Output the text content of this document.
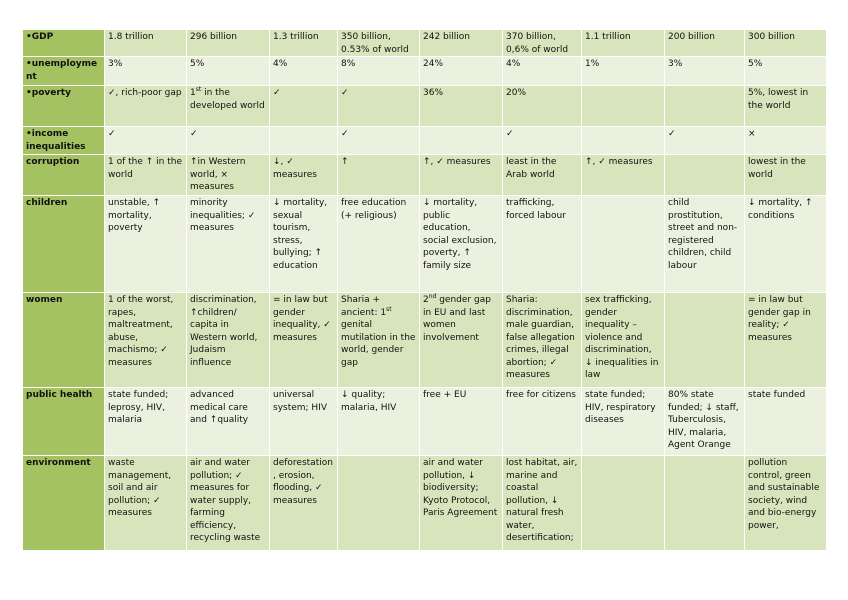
• GDP	1.8 trillion	296 billion	1.3 trillion	350 billion, 0.53% of world	242 billion	370 billion, 0,6% of world	1.1 trillion	200 billion	300 billion
• unemployment	3%	5%	4%	8%	24%	4%	1%	3%	5%
• poverty	✓, rich-poor gap	1st in the developed world	✓	✓	36%	20%			5%, lowest in the world
• income inequalities	✓	✓		✓		✓		✓	×
corruption	1 of the ↑ in the world	↑in Western world, × measures	↓, ✓ measures	↑	↑, ✓ measures	least in the Arab world	↑, ✓ measures		lowest in the world
children	unstable, ↑ mortality, poverty	minority inequalities; ✓ measures	↓ mortality, sexual tourism, stress, bullying; ↑ education	free education (+ religious)	↓ mortality, public education, social exclusion, poverty, ↑ family size	trafficking, forced labour		child prostitution, street and non-registered children, child labour	↓ mortality, ↑ conditions
women	1 of the worst, rapes, maltreatment, abuse, machismo; ✓ measures	discrimination, ↑children/ capita in Western world, Judaism influence	= in law but gender inequality, ✓ measures	Sharia + ancient: 1st genital mutilation in the world, gender gap	2nd gender gap in EU and last women involvement	Sharia: discrimination, male guardian, false allegation crimes, illegal abortion; ✓ measures	sex trafficking, gender inequality – violence and discrimination, ↓ inequalities in law		= in law but gender gap in reality; ✓ measures
public health	state funded; leprosy, HIV, malaria	advanced medical care and ↑quality	universal system; HIV	↓ quality; malaria, HIV	free + EU	free for citizens	state funded; HIV, respiratory diseases	80% state funded; ↓ staff, Tuberculosis, HIV, malaria, Agent Orange	state funded
environment	waste management, soil and air pollution; ✓ measures	air and water pollution; ✓ measures for water supply, farming efficiency, recycling waste	deforestation, erosion, flooding, ✓ measures		air and water pollution, ↓ biodiversity; Kyoto Protocol, Paris Agreement	lost habitat, air, marine and coastal pollution, ↓ natural fresh water, desertification;			pollution control, green and sustainable society, wind and bio-energy power,
